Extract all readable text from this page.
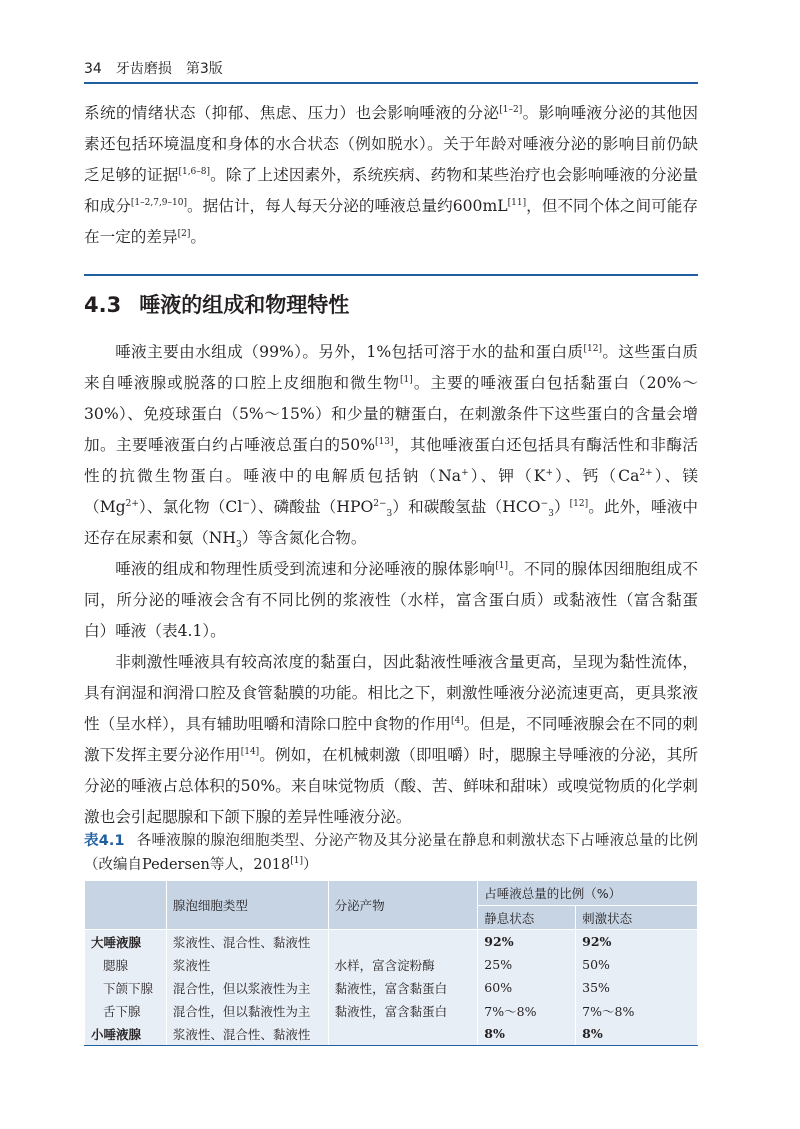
34 牙齿磨损　第3版

系统的情绪状态（抑郁、焦虑、压力）也会影响唾液的分泌[1–2]。影响唾液分泌的其他因素还包括环境温度和身体的水合状态（例如脱水）。关于年龄对唾液分泌的影响目前仍缺乏足够的证据[1,6–8]。除了上述因素外，系统疾病、药物和某些治疗也会影响唾液的分泌量和成分[1–2,7,9–10]。据估计，每人每天分泌的唾液总量约600mL[11]，但不同个体之间可能存在一定的差异[2]。

4.3 唾液的组成和物理特性

唾液主要由水组成（99%）。另外，1%包括可溶于水的盐和蛋白质[12]。这些蛋白质来自唾液腺或脱落的口腔上皮细胞和微生物[1]。主要的唾液蛋白包括黏蛋白（20%～30%）、免疫球蛋白（5%～15%）和少量的糖蛋白，在刺激条件下这些蛋白的含量会增加。主要唾液蛋白约占唾液总蛋白的50%[13]，其他唾液蛋白还包括具有酶活性和非酶活性的抗微生物蛋白。唾液中的电解质包括钠（Na+）、钾（K+）、钙$(Ca^{2+})$、镁$(Mg^{2+})$、氯化物（Cl−）、磷酸盐$(HPO^{2-}_3)$和碳酸氢盐$(HCO^-_3)[12]$。此外，唾液中还存在尿素和氨$(NH_3)$等含氮化合物。

唾液的组成和物理性质受到流速和分泌唾液的腺体影响[1]。不同的腺体因细胞组成不同，所分泌的唾液会含有不同比例的浆液性（水样，富含蛋白质）或黏液性（富含黏蛋白）唾液（表4.1）。

非刺激性唾液具有较高浓度的黏蛋白，因此黏液性唾液含量更高，呈现为黏性流体，具有润湿和润滑口腔及食管黏膜的功能。相比之下，刺激性唾液分泌流速更高，更具浆液性（呈水样），具有辅助咀嚼和清除口腔中食物的作用[4]。但是，不同唾液腺会在不同的刺激下发挥主要分泌作用[14]。例如，在机械刺激（即咀嚼）时，腮腺主导唾液的分泌，其所分泌的唾液占总体积的50%。来自味觉物质（酸、苦、鲜味和甜味）或嗅觉物质的化学刺激也会引起腮腺和下颌下腺的差异性唾液分泌。

表4.1 各唾液腺的腺泡细胞类型、分泌产物及其分泌量在静息和刺激状态下占唾液总量的比例（改编自Pedersen等人，2018[1]）
	腺泡细胞类型	分泌产物	占唾液总量的比例（%）	
			静息状态	刺激状态
大唾液腺	浆液性、混合性、黏液性		92%	92%
腮腺	浆液性	水样，富含淀粉酶	25%	50%
下颌下腺	混合性，但以浆液性为主	黏液性，富含黏蛋白	60%	35%
舌下腺	混合性，但以黏液性为主	黏液性，富含黏蛋白	7%～8%	7%～8%
小唾液腺	浆液性、混合性、黏液性		8%	8%
